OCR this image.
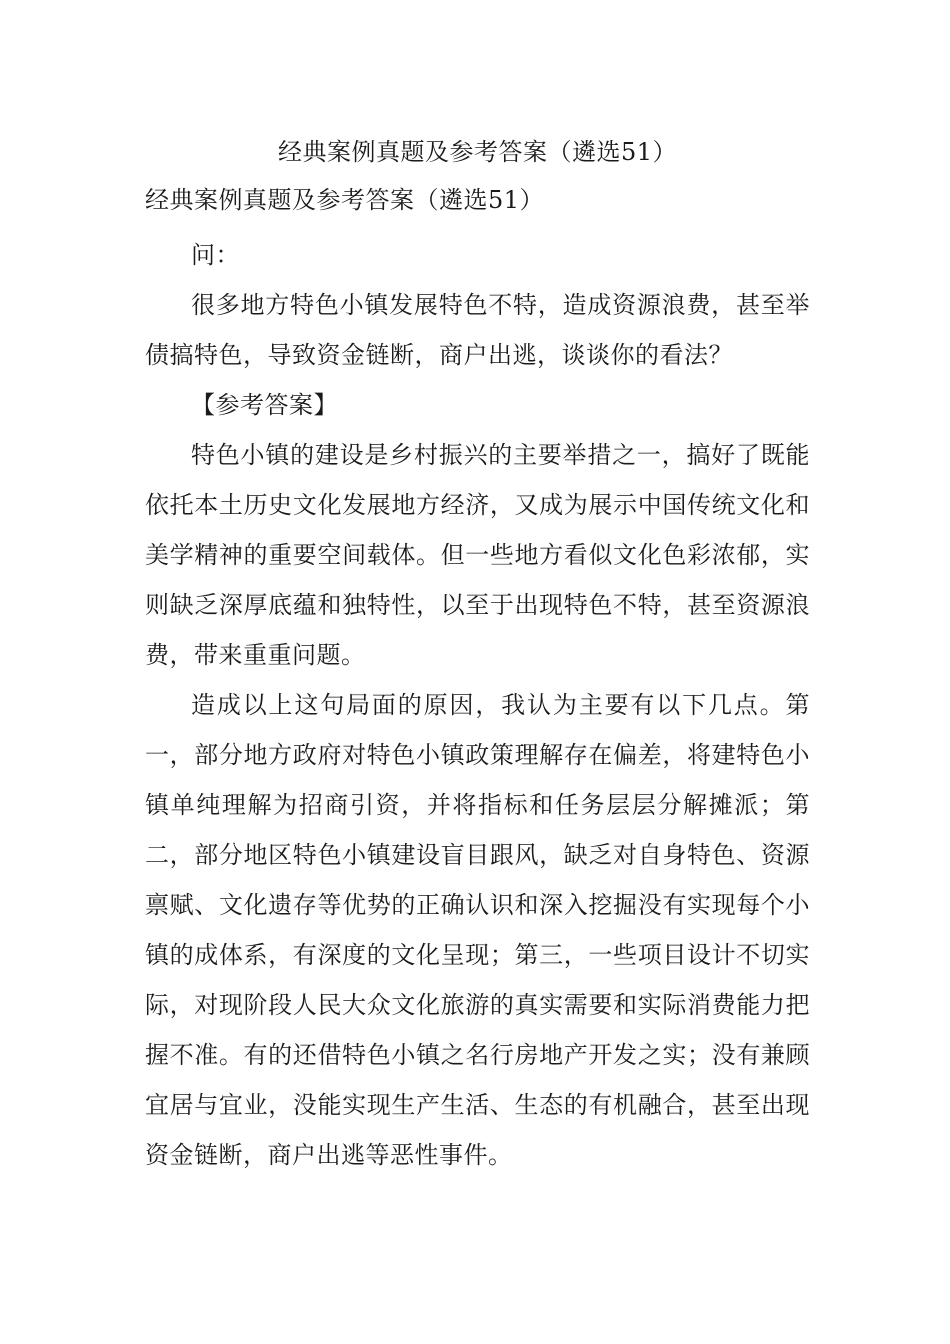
经典案例真题及参考答案（遴选51）
经典案例真题及参考答案（遴选51）

问：

很多地方特色小镇发展特色不特，造成资源浪费，甚至举债搞特色，导致资金链断，商户出逃，谈谈你的看法？

【参考答案】

特色小镇的建设是乡村振兴的主要举措之一，搞好了既能依托本土历史文化发展地方经济，又成为展示中国传统文化和美学精神的重要空间载体。但一些地方看似文化色彩浓郁，实则缺乏深厚底蕴和独特性，以至于出现特色不特，甚至资源浪费，带来重重问题。

造成以上这句局面的原因，我认为主要有以下几点。第一，部分地方政府对特色小镇政策理解存在偏差，将建特色小镇单纯理解为招商引资，并将指标和任务层层分解摊派；第二，部分地区特色小镇建设盲目跟风，缺乏对自身特色、资源禀赋、文化遗存等优势的正确认识和深入挖掘没有实现每个小镇的成体系，有深度的文化呈现；第三，一些项目设计不切实际，对现阶段人民大众文化旅游的真实需要和实际消费能力把握不准。有的还借特色小镇之名行房地产开发之实；没有兼顾宜居与宜业，没能实现生产生活、生态的有机融合，甚至出现资金链断，商户出逃等恶性事件。
